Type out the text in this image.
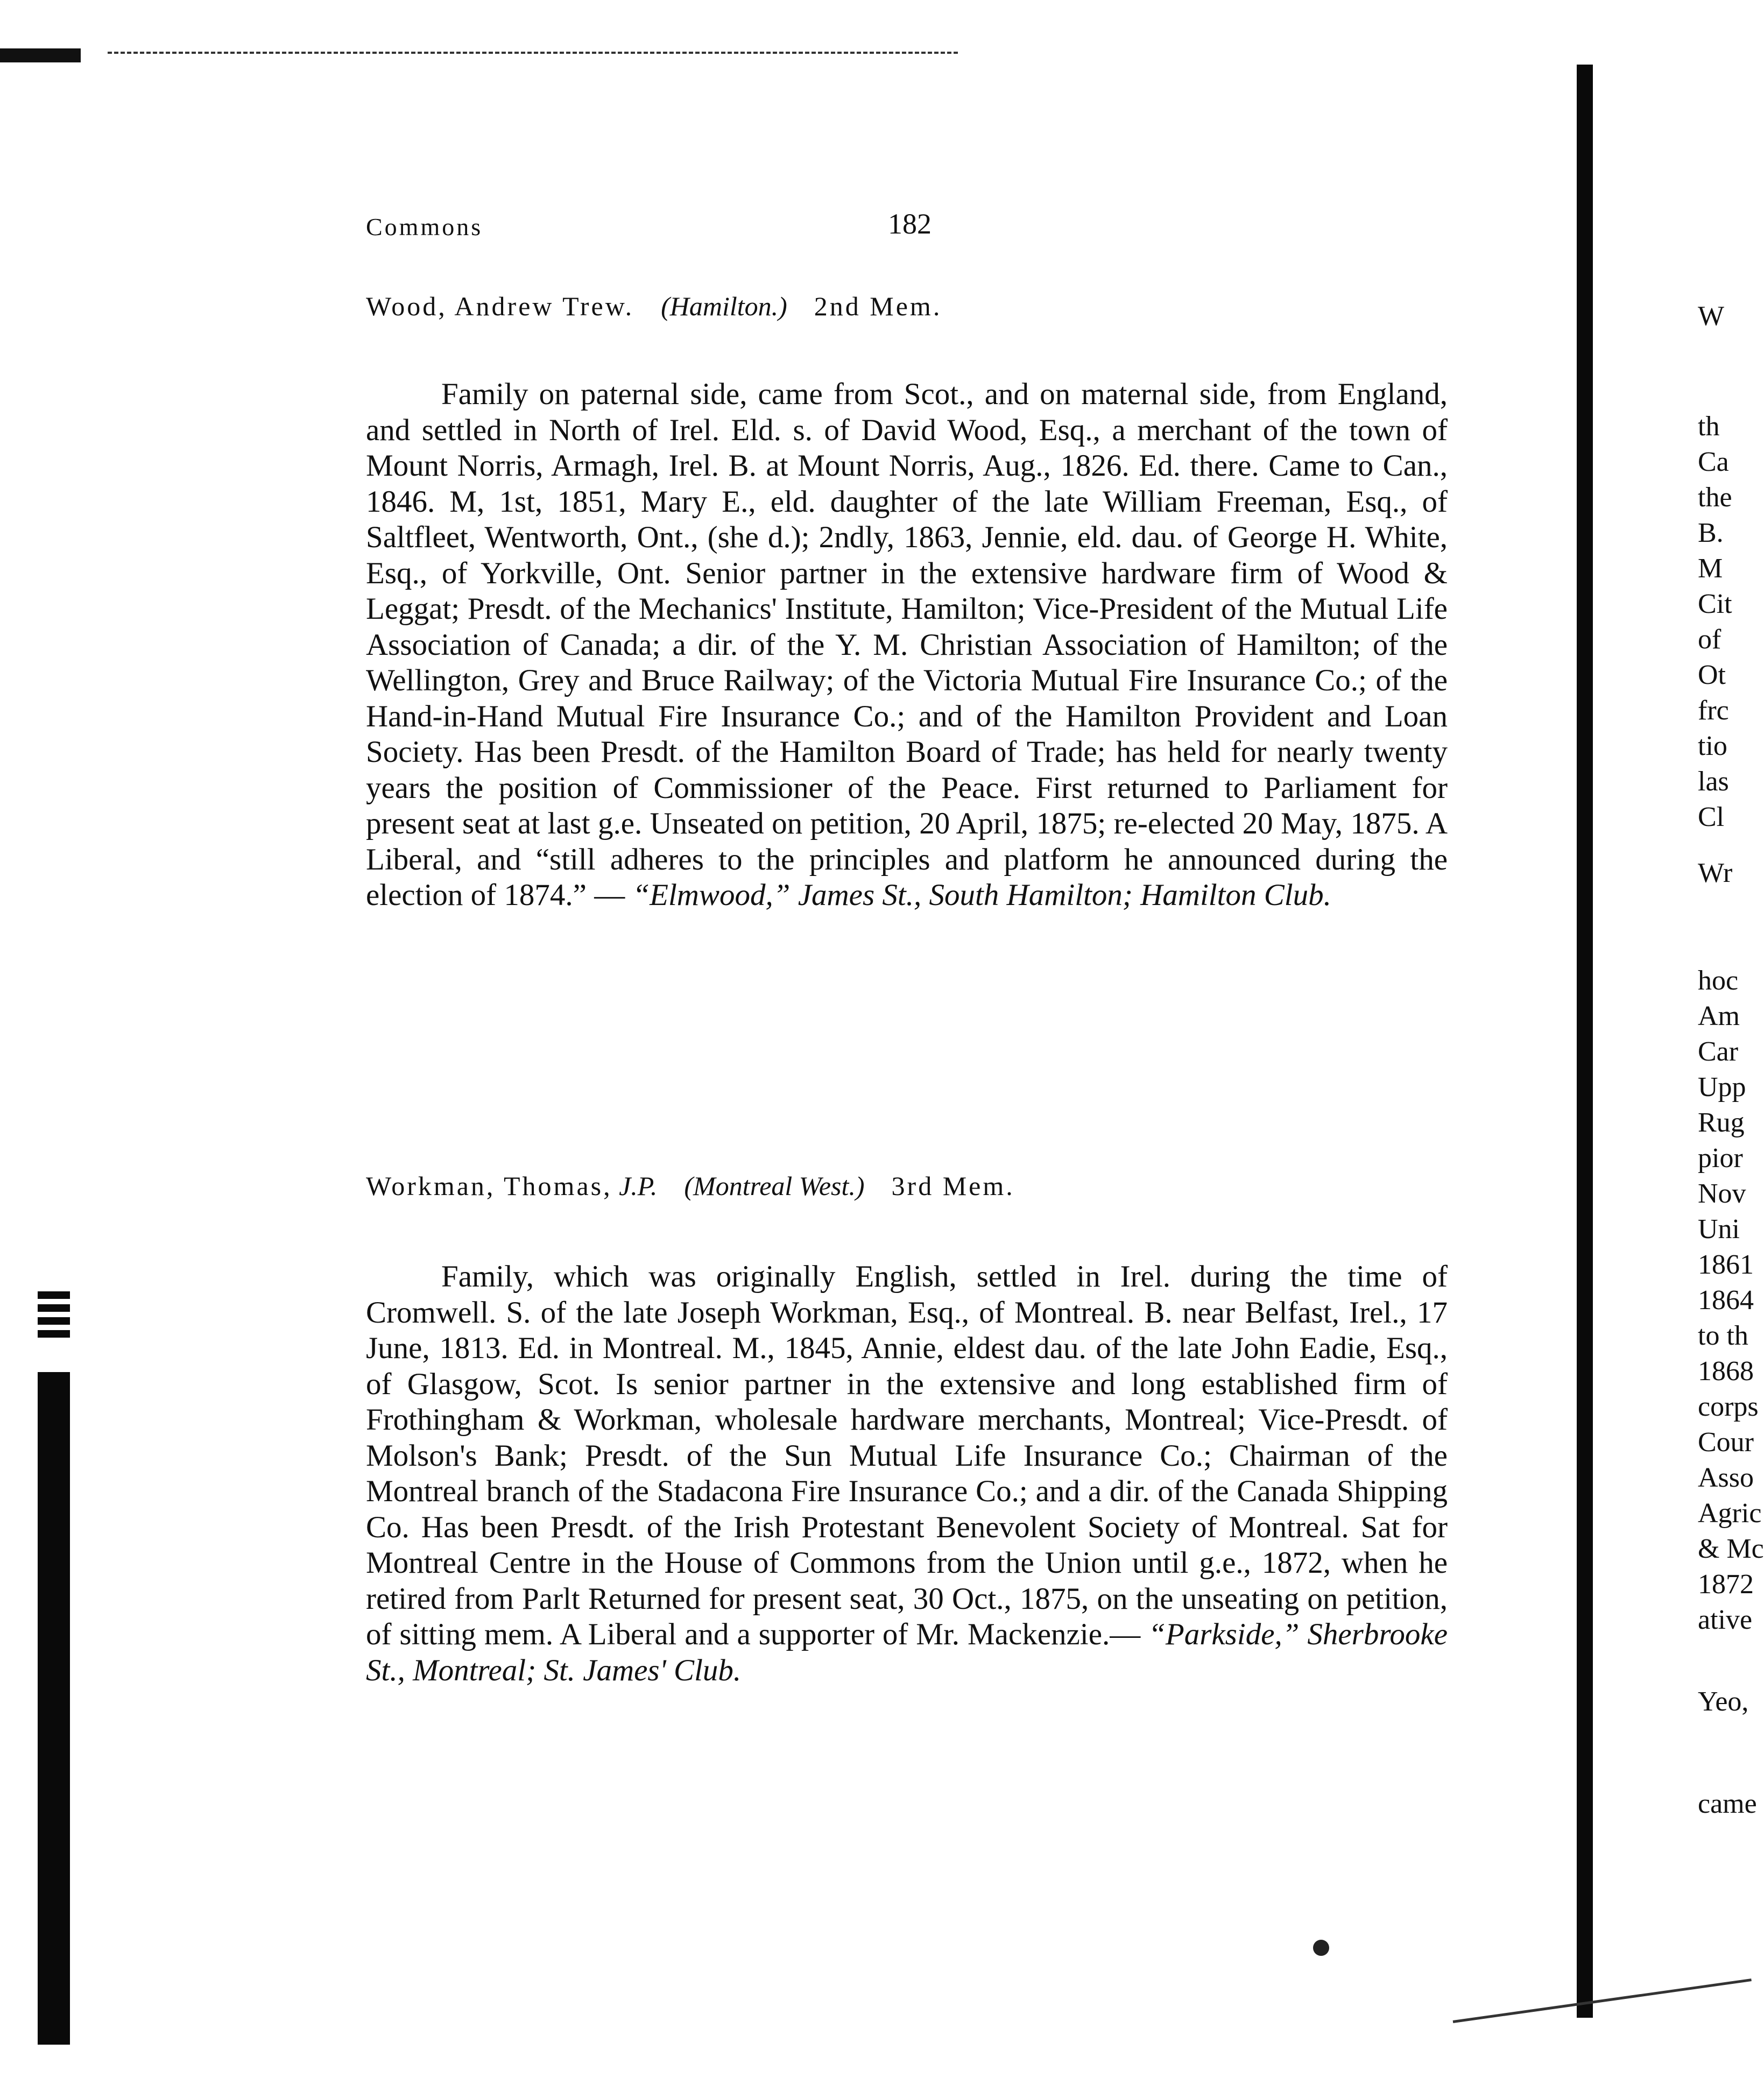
Commons	182
Wood, Andrew Trew. (Hamilton.) 2nd Mem.

Family on paternal side, came from Scot., and on maternal side, from England, and settled in North of Irel. Eld. s. of David Wood, Esq., a merchant of the town of Mount Norris, Armagh, Irel. B. at Mount Norris, Aug., 1826. Ed. there. Came to Can., 1846. M, 1st, 1851, Mary E., eld. daughter of the late William Freeman, Esq., of Saltfleet, Wentworth, Ont., (she d.); 2ndly, 1863, Jennie, eld. dau. of George H. White, Esq., of Yorkville, Ont. Senior partner in the extensive hardware firm of Wood & Leggat; Presdt. of the Mechanics' Institute, Hamilton; Vice-President of the Mutual Life Association of Canada; a dir. of the Y. M. Christian Association of Hamilton; of the Wellington, Grey and Bruce Railway; of the Victoria Mutual Fire Insurance Co.; of the Hand-in-Hand Mutual Fire Insurance Co.; and of the Hamilton Provident and Loan Society. Has been Presdt. of the Hamilton Board of Trade; has held for nearly twenty years the position of Commissioner of the Peace. First returned to Parliament for present seat at last g.e. Unseated on petition, 20 April, 1875; re-elected 20 May, 1875. A Liberal, and “still adheres to the principles and platform he announced during the election of 1874.” — “Elmwood,” James St., South Hamilton; Hamilton Club.

Workman, Thomas, J.P. (Montreal West.) 3rd Mem.

Family, which was originally English, settled in Irel. during the time of Cromwell. S. of the late Joseph Workman, Esq., of Montreal. B. near Belfast, Irel., 17 June, 1813. Ed. in Montreal. M., 1845, Annie, eldest dau. of the late John Eadie, Esq., of Glasgow, Scot. Is senior partner in the extensive and long established firm of Frothingham & Workman, wholesale hardware merchants, Montreal; Vice-Presdt. of Molson's Bank; Presdt. of the Sun Mutual Life Insurance Co.; Chairman of the Montreal branch of the Stadacona Fire Insurance Co.; and a dir. of the Canada Shipping Co. Has been Presdt. of the Irish Protestant Benevolent Society of Montreal. Sat for Montreal Centre in the House of Commons from the Union until g.e., 1872, when he retired from Parlt Returned for present seat, 30 Oct., 1875, on the unseating on petition, of sitting mem. A Liberal and a supporter of Mr. Mackenzie.— “Parkside,” Sherbrooke St., Montreal; St. James' Club.

W
th
Ca
the
B.
M
Cit
of
Ot
frc
tio
las
Cl
Wr
hoc
Am
Car
Upp
Rug
pior
Nov
Uni
1861
1864
to th
1868
corps
Cour
Asso
Agric
& Mc
1872
ative
Yeo,
came
